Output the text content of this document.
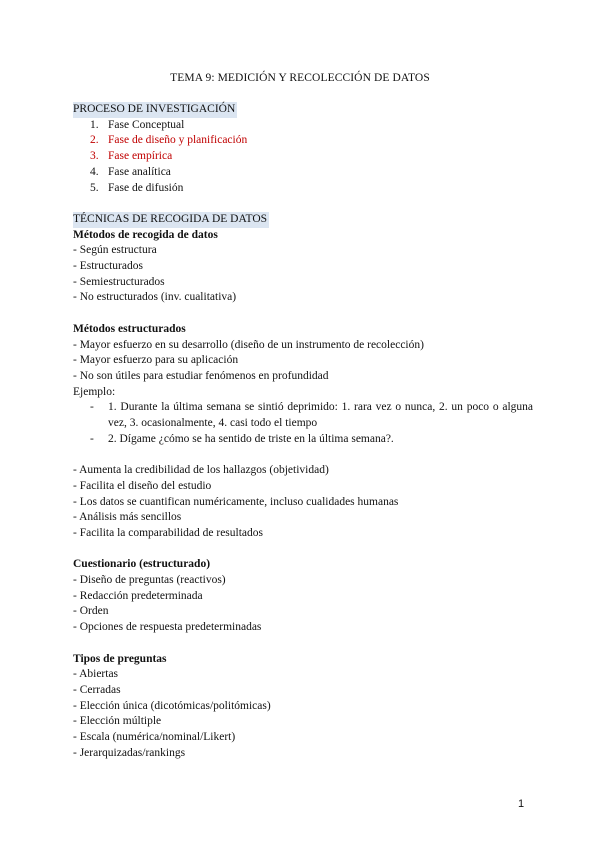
TEMA 9: MEDICIÓN Y RECOLECCIÓN DE DATOS
PROCESO DE INVESTIGACIÓN
1. Fase Conceptual
2. Fase de diseño y planificación
3. Fase empírica
4. Fase analítica
5. Fase de difusión
TÉCNICAS DE RECOGIDA DE DATOS
Métodos de recogida de datos
- Según estructura
- Estructurados
- Semiestructurados
- No estructurados (inv. cualitativa)
Métodos estructurados
- Mayor esfuerzo en su desarrollo (diseño de un instrumento de recolección)
- Mayor esfuerzo para su aplicación
- No son útiles para estudiar fenómenos en profundidad
Ejemplo:
- 1. Durante la última semana se sintió deprimido: 1. rara vez o nunca, 2. un poco o alguna vez, 3. ocasionalmente, 4. casi todo el tiempo
- 2. Dígame ¿cómo se ha sentido de triste en la última semana?.
- Aumenta la credibilidad de los hallazgos (objetividad)
- Facilita el diseño del estudio
- Los datos se cuantifican numéricamente, incluso cualidades humanas
- Análisis más sencillos
- Facilita la comparabilidad de resultados
Cuestionario (estructurado)
- Diseño de preguntas (reactivos)
- Redacción predeterminada
- Orden
- Opciones de respuesta predeterminadas
Tipos de preguntas
- Abiertas
- Cerradas
- Elección única (dicotómicas/politómicas)
- Elección múltiple
- Escala (numérica/nominal/Likert)
- Jerarquizadas/rankings
1
